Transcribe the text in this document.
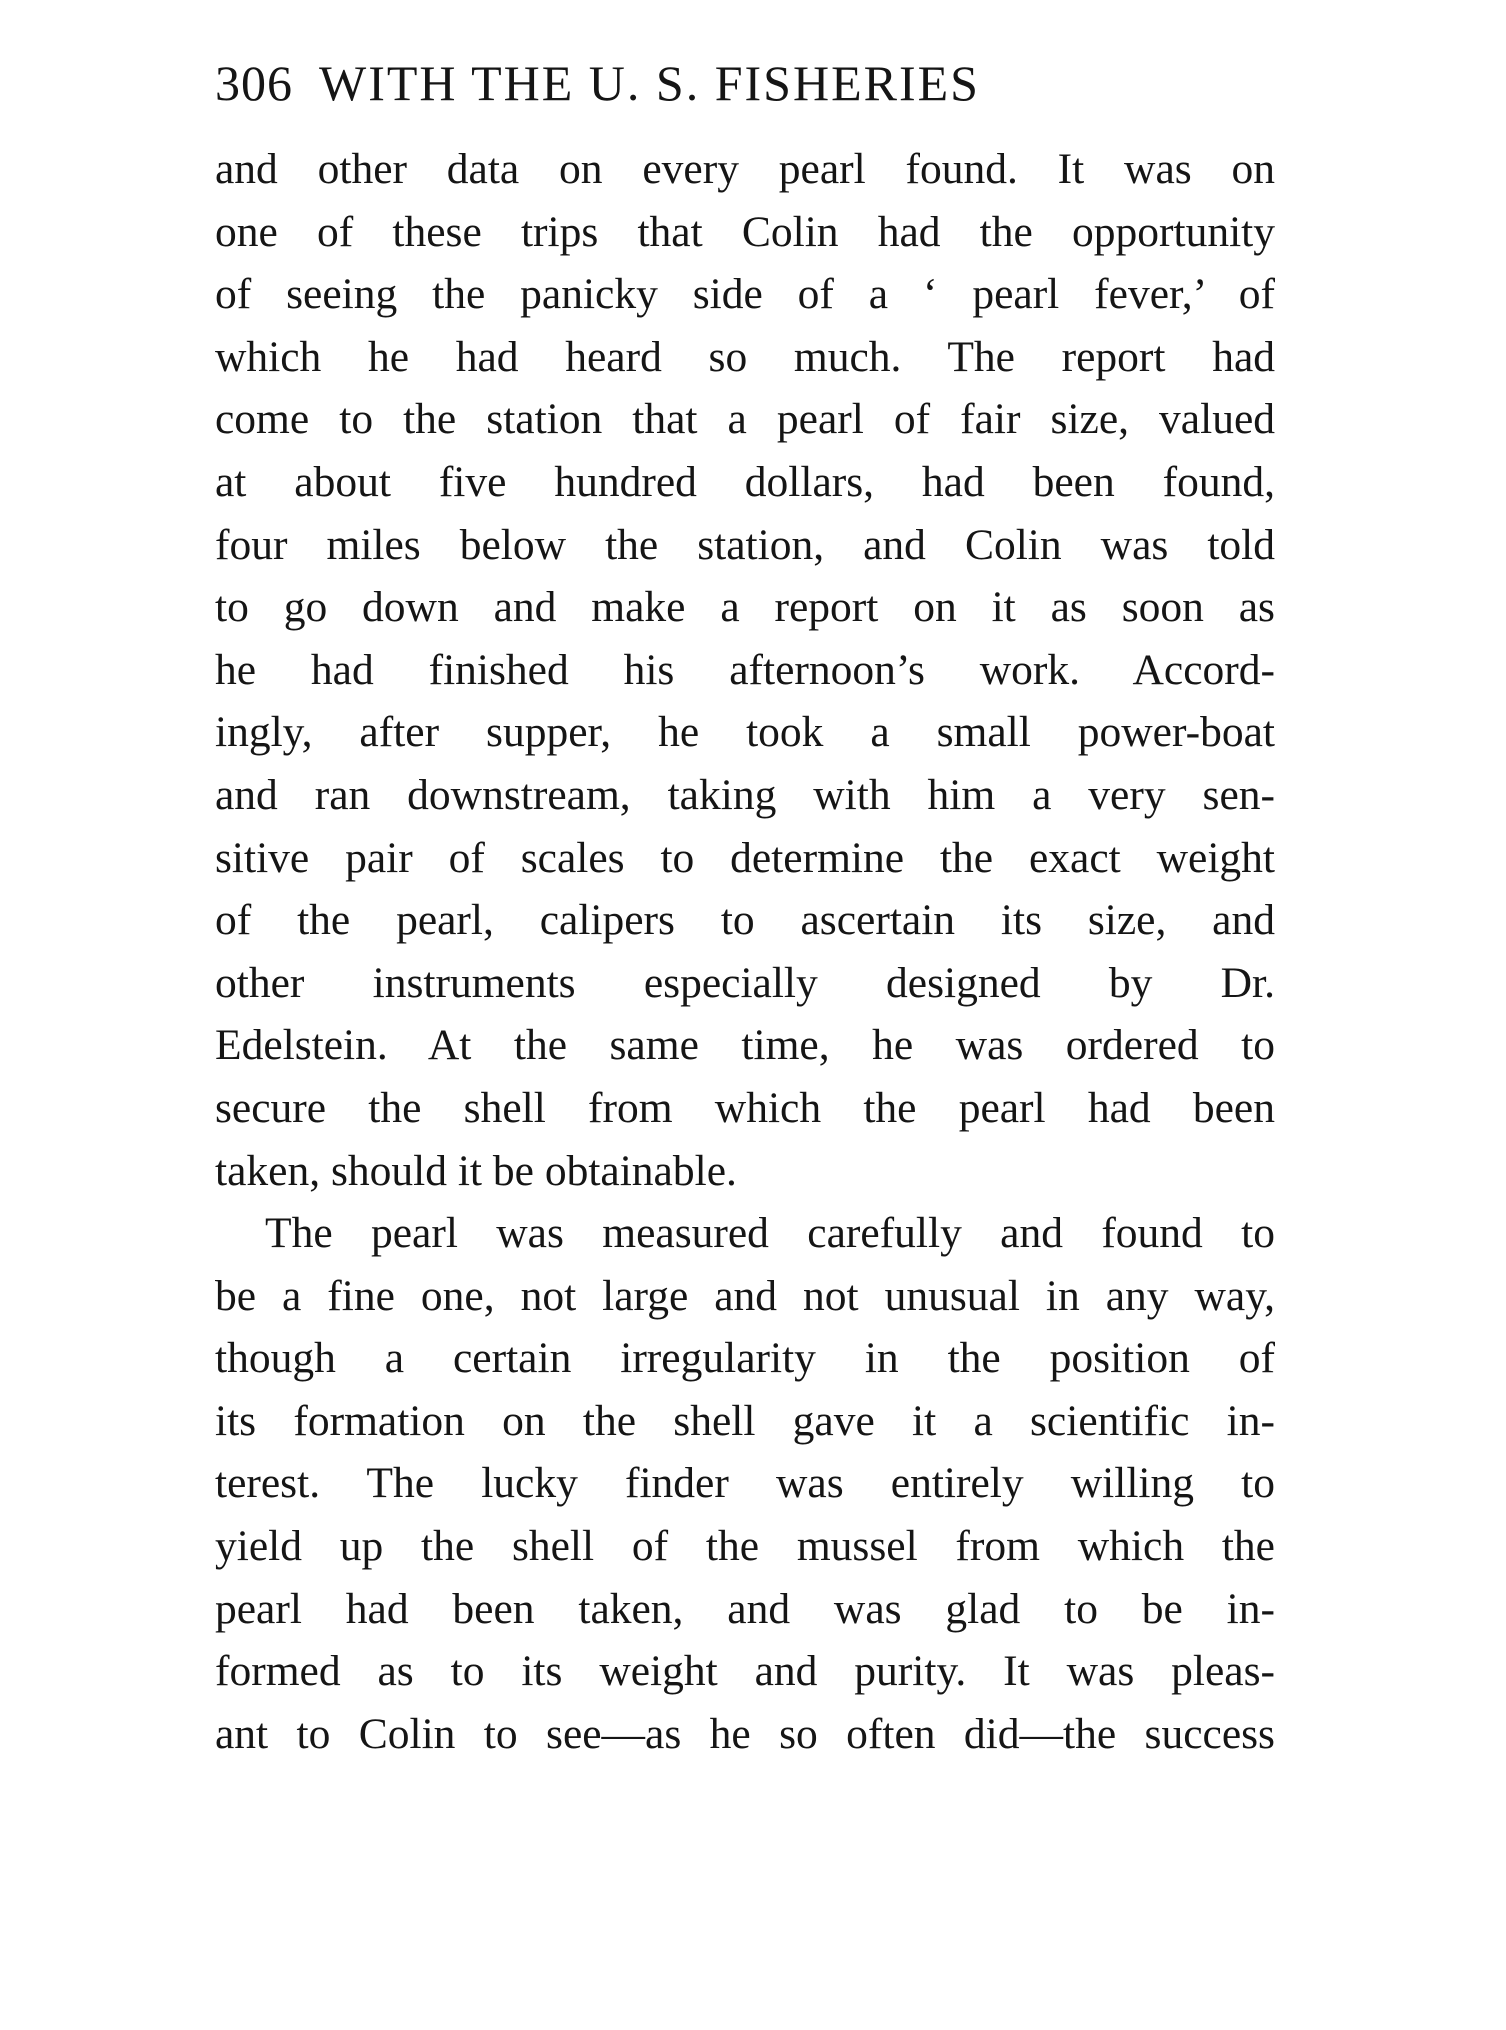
306 WITH THE U. S. FISHERIES
and other data on every pearl found. It was on
one of these trips that Colin had the opportunity
of seeing the panicky side of a ‘ pearl fever,’ of
which he had heard so much. The report had
come to the station that a pearl of fair size, valued
at about five hundred dollars, had been found,
four miles below the station, and Colin was told
to go down and make a report on it as soon as
he had finished his afternoon’s work. Accord-
ingly, after supper, he took a small power-boat
and ran downstream, taking with him a very sen-
sitive pair of scales to determine the exact weight
of the pearl, calipers to ascertain its size, and
other instruments especially designed by Dr.
Edelstein. At the same time, he was ordered to
secure the shell from which the pearl had been
taken, should it be obtainable.
The pearl was measured carefully and found to
be a fine one, not large and not unusual in any way,
though a certain irregularity in the position of
its formation on the shell gave it a scientific in-
terest. The lucky finder was entirely willing to
yield up the shell of the mussel from which the
pearl had been taken, and was glad to be in-
formed as to its weight and purity. It was pleas-
ant to Colin to see—as he so often did—the success
